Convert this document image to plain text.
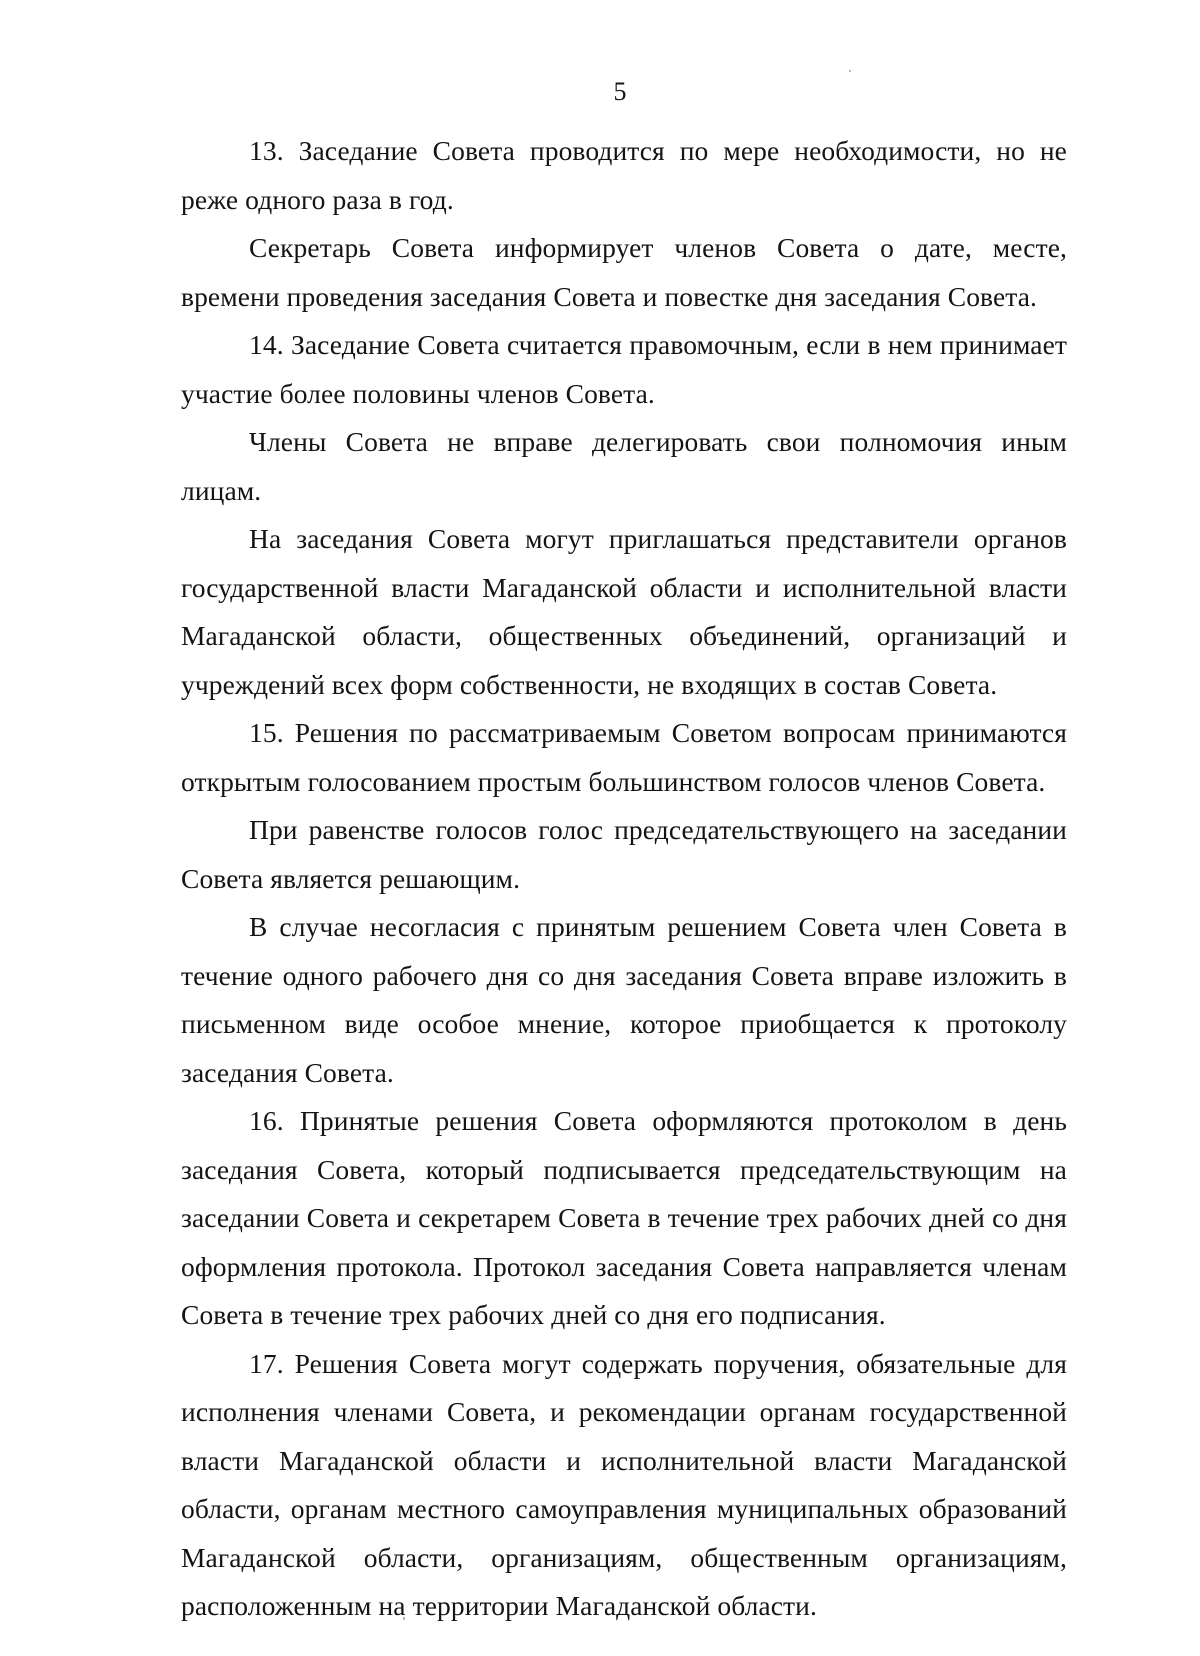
5

13. Заседание Совета проводится по мере необходимости, но не реже одного раза в год.

Секретарь Совета информирует членов Совета о дате, месте, времени проведения заседания Совета и повестке дня заседания Совета.

14. Заседание Совета считается правомочным, если в нем принимает участие более половины членов Совета.

Члены Совета не вправе делегировать свои полномочия иным лицам.

На заседания Совета могут приглашаться представители органов государственной власти Магаданской области и исполнительной власти Магаданской области, общественных объединений, организаций и учреждений всех форм собственности, не входящих в состав Совета.

15. Решения по рассматриваемым Советом вопросам принимаются открытым голосованием простым большинством голосов членов Совета.

При равенстве голосов голос председательствующего на заседании Совета является решающим.

В случае несогласия с принятым решением Совета член Совета в течение одного рабочего дня со дня заседания Совета вправе изложить в письменном виде особое мнение, которое приобщается к протоколу заседания Совета.

16. Принятые решения Совета оформляются протоколом в день заседания Совета, который подписывается председательствующим на заседании Совета и секретарем Совета в течение трех рабочих дней со дня оформления протокола. Протокол заседания Совета направляется членам Совета в течение трех рабочих дней со дня его подписания.

17. Решения Совета могут содержать поручения, обязательные для исполнения членами Совета, и рекомендации органам государственной власти Магаданской области и исполнительной власти Магаданской области, органам местного самоуправления муниципальных образований Магаданской области, организациям, общественным организациям, расположенным на территории Магаданской области.
